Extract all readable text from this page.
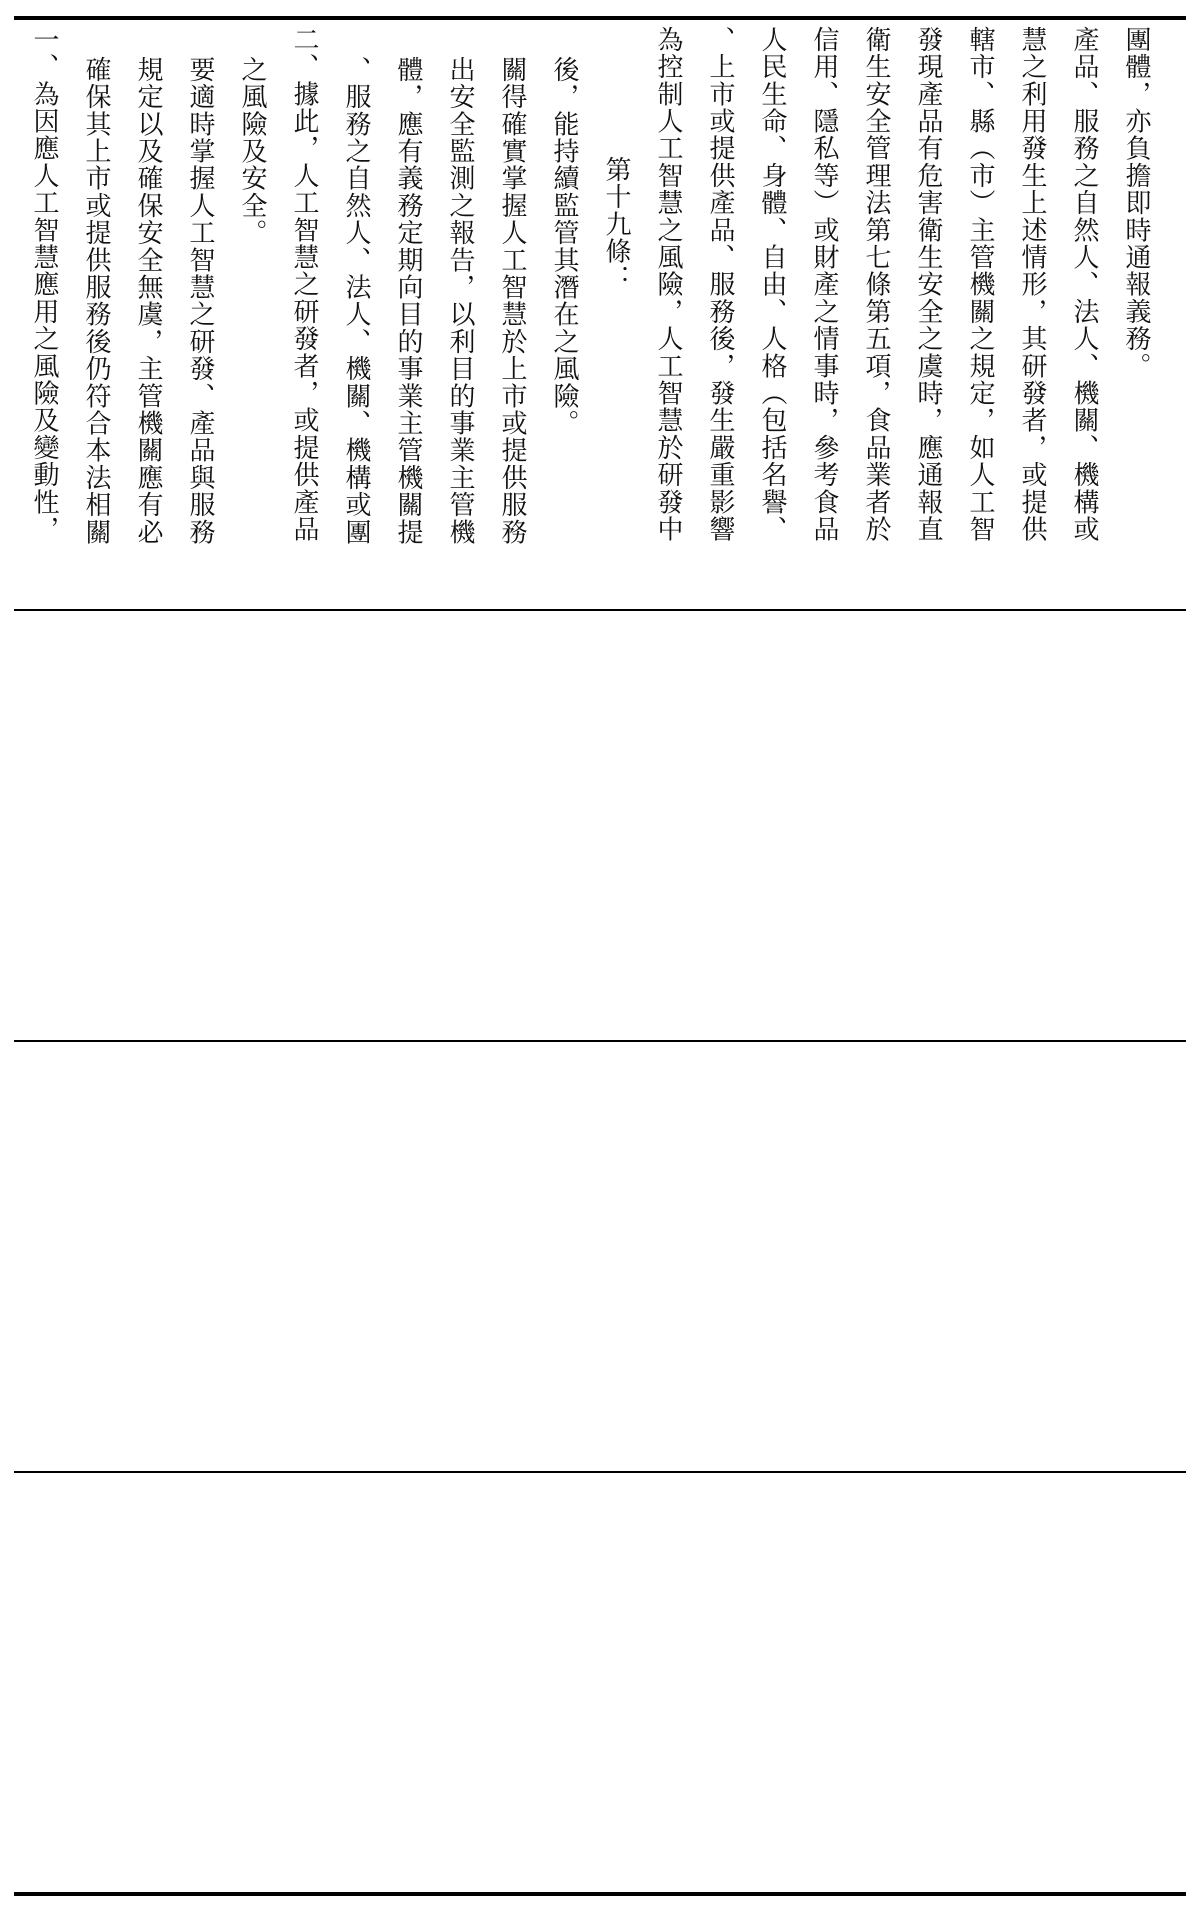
一、為因應人工智慧應用之風險及變動性， 確保其上市或提供服務後仍符合本法相關 規定以及確保安全無虞，主管機關應有必 要適時掌握人工智慧之研發、產品與服務 之風險及安全。 二、據此，人工智慧之研發者，或提供產品 、服務之自然人、法人、機關、機構或團 體，應有義務定期向目的事業主管機關提 出安全監測之報告，以利目的事業主管機 關得確實掌握人工智慧於上市或提供服務 後，能持續監管其潛在之風險。 第十九條： 為控制人工智慧之風險，人工智慧於研發中 、上市或提供產品、服務後，發生嚴重影響 人民生命、身體、自由、人格（包括名譽、 信用、隱私等）或財產之情事時，參考食品 衛生安全管理法第七條第五項，食品業者於 發現產品有危害衛生安全之虞時，應通報直 轄市、縣（市）主管機關之規定，如人工智 慧之利用發生上述情形，其研發者，或提供 產品、服務之自然人、法人、機關、機構或 團體，亦負擔即時通報義務。
